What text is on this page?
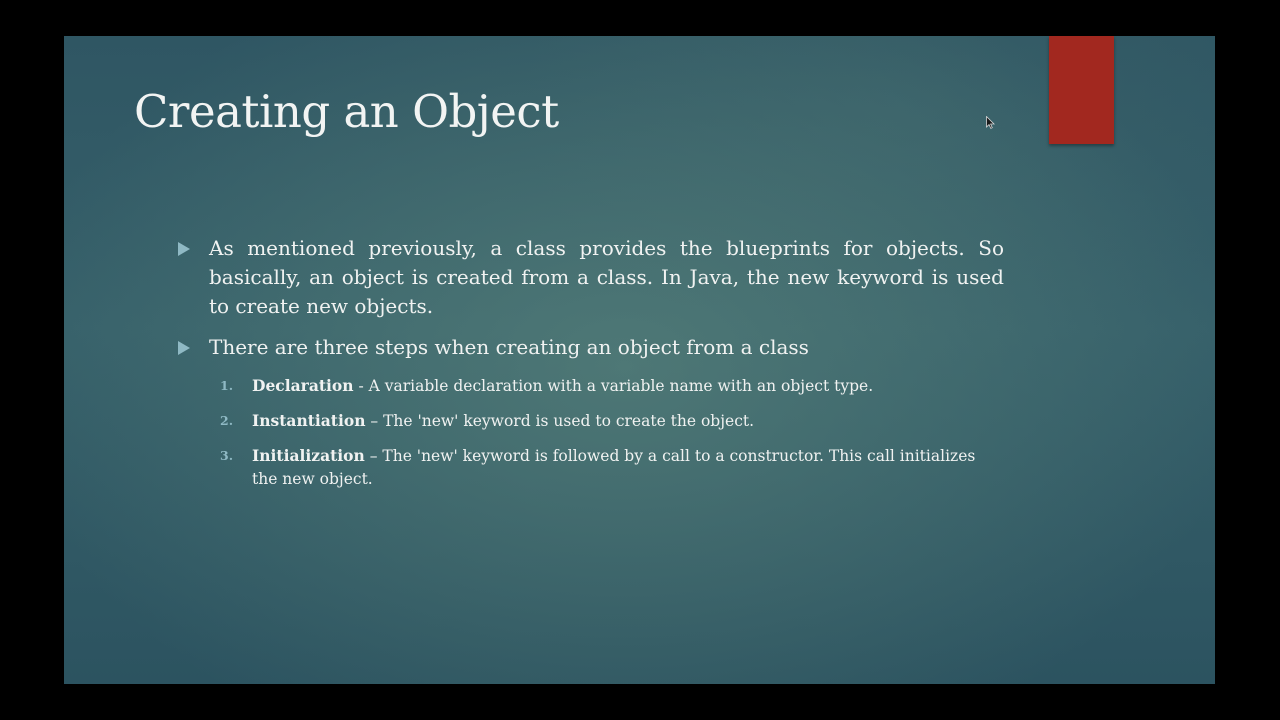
Creating an Object
As mentioned previously, a class provides the blueprints for objects. So basically, an object is created from a class. In Java, the new keyword is used to create new objects.
There are three steps when creating an object from a class
1. Declaration - A variable declaration with a variable name with an object type.
2. Instantiation – The 'new' keyword is used to create the object.
3. Initialization – The 'new' keyword is followed by a call to a constructor. This call initializes the new object.
